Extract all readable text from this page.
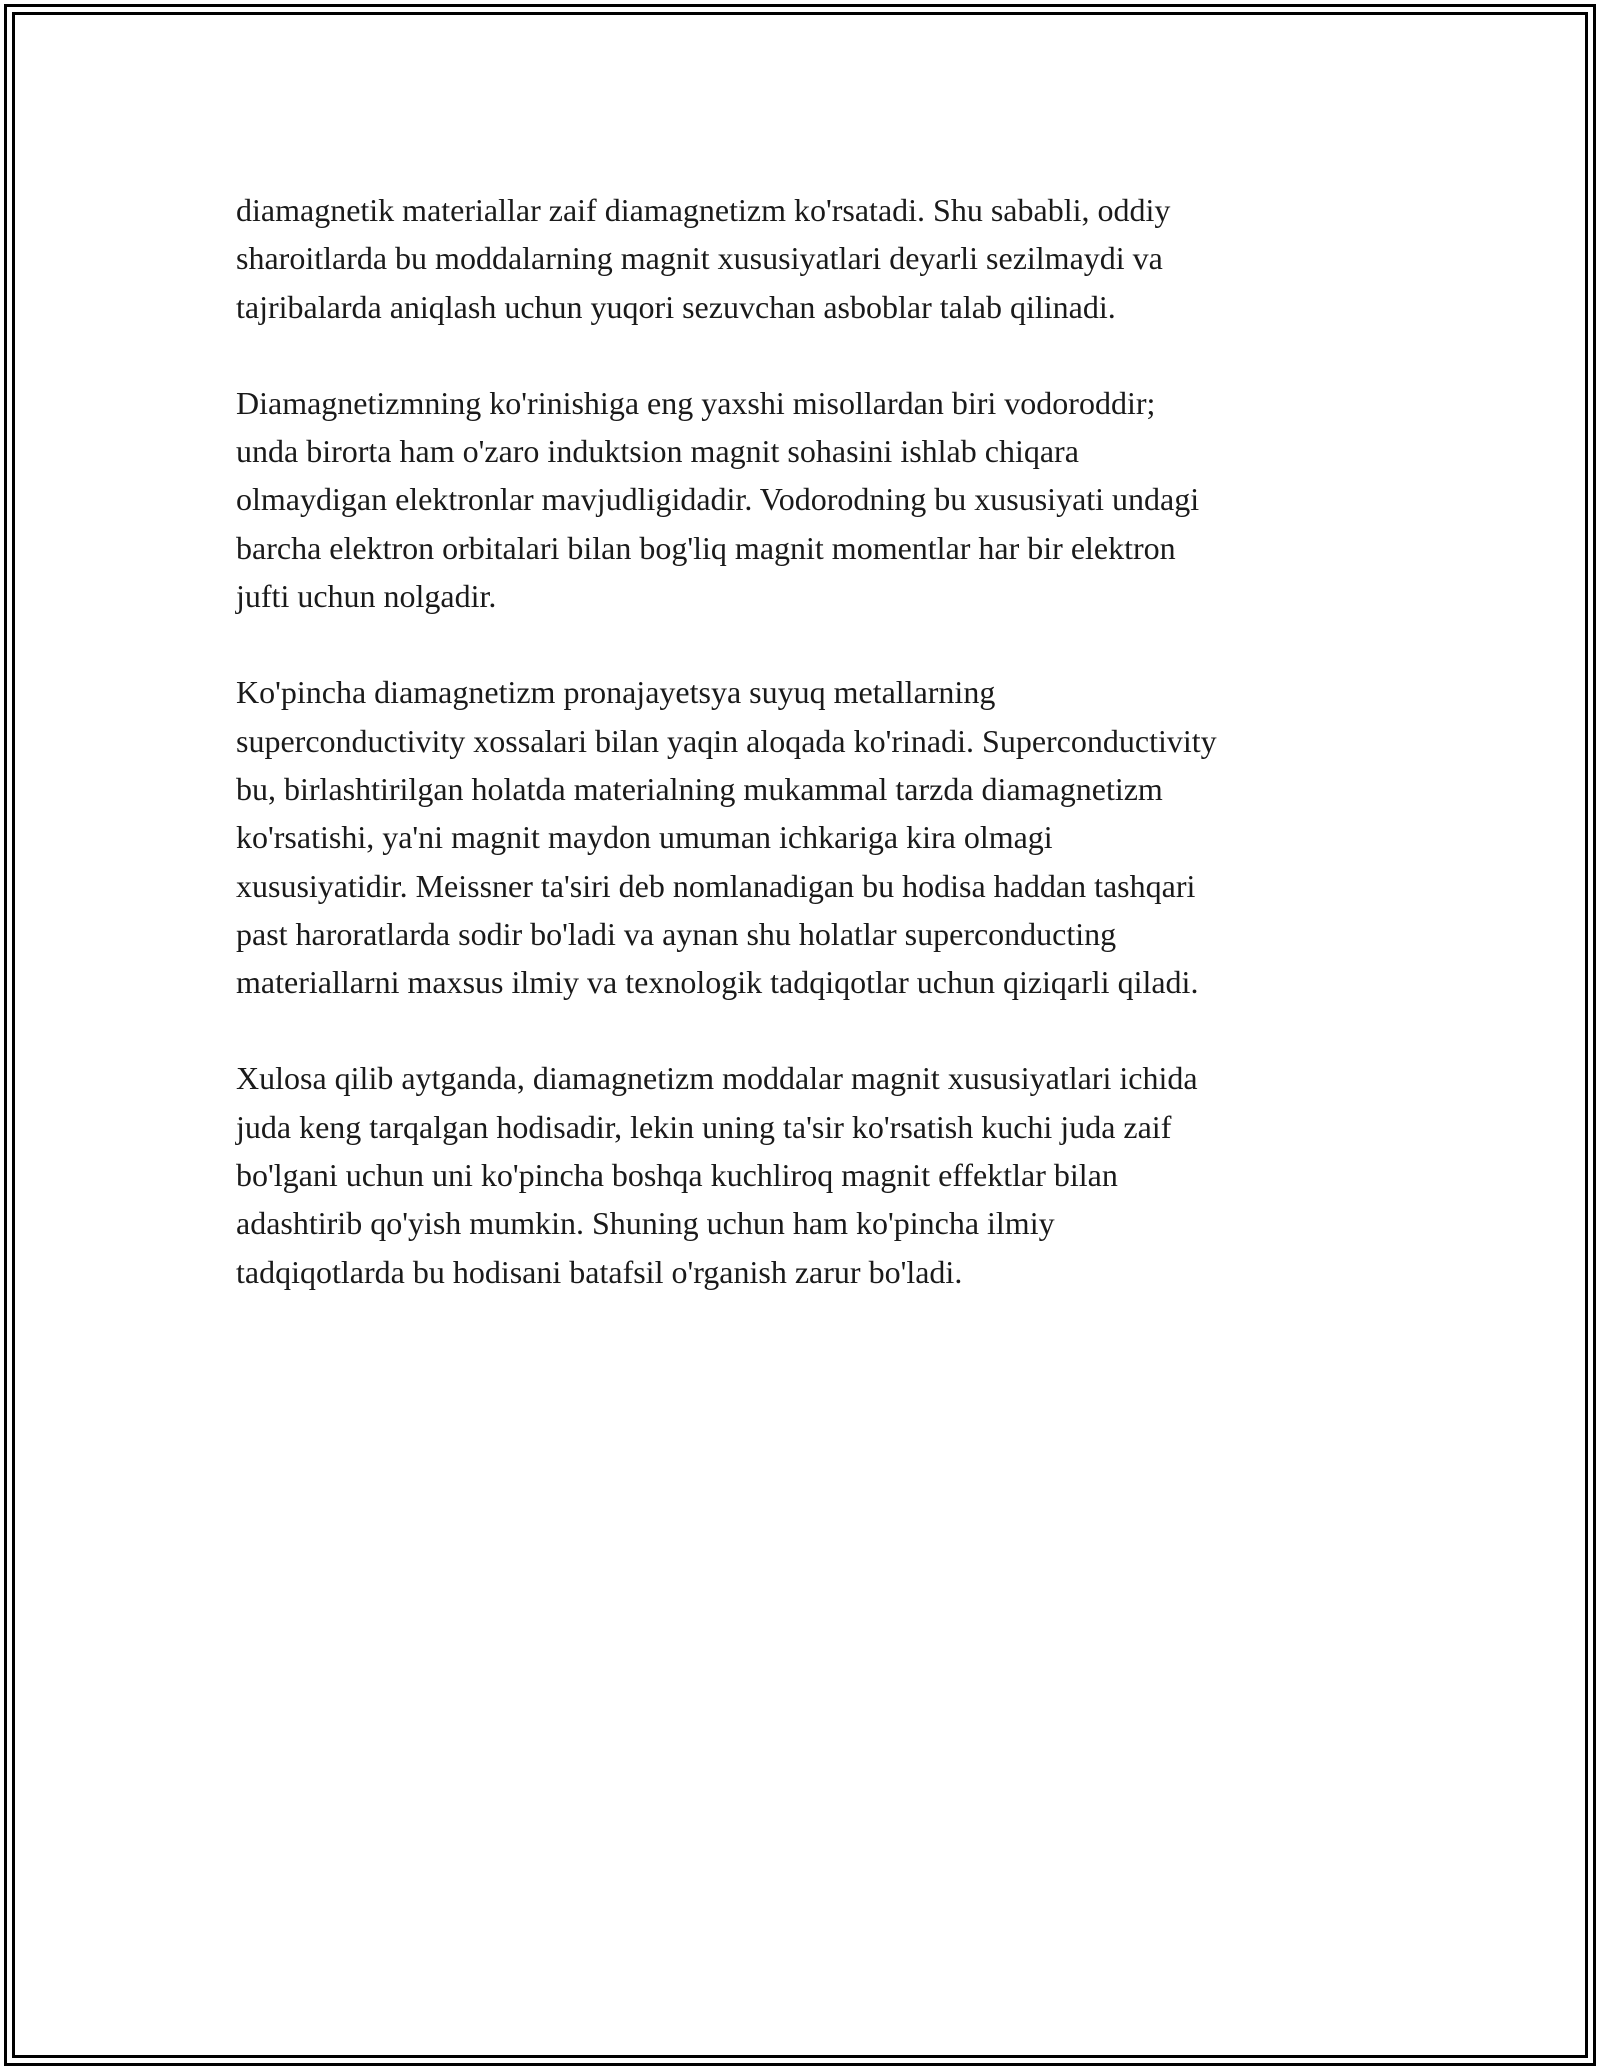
diamagnetik materiallar zaif diamagnetizm ko'rsatadi. Shu sababli, oddiy
sharoitlarda bu moddalarning magnit xususiyatlari deyarli sezilmaydi va
tajribalarda aniqlash uchun yuqori sezuvchan asboblar talab qilinadi.

Diamagnetizmning ko'rinishiga eng yaxshi misollardan biri vodoroddir;
unda birorta ham o'zaro induktsion magnit sohasini ishlab chiqara
olmaydigan elektronlar mavjudligidadir. Vodorodning bu xususiyati undagi
barcha elektron orbitalari bilan bog'liq magnit momentlar har bir elektron
jufti uchun nolgadir.

Ko'pincha diamagnetizm pronajayetsya suyuq metallarning
superconductivity xossalari bilan yaqin aloqada ko'rinadi. Superconductivity
bu, birlashtirilgan holatda materialning mukammal tarzda diamagnetizm
ko'rsatishi, ya'ni magnit maydon umuman ichkariga kira olmagi
xususiyatidir. Meissner ta'siri deb nomlanadigan bu hodisa haddan tashqari
past haroratlarda sodir bo'ladi va aynan shu holatlar superconducting
materiallarni maxsus ilmiy va texnologik tadqiqotlar uchun qiziqarli qiladi.

Xulosa qilib aytganda, diamagnetizm moddalar magnit xususiyatlari ichida
juda keng tarqalgan hodisadir, lekin uning ta'sir ko'rsatish kuchi juda zaif
bo'lgani uchun uni ko'pincha boshqa kuchliroq magnit effektlar bilan
adashtirib qo'yish mumkin. Shuning uchun ham ko'pincha ilmiy
tadqiqotlarda bu hodisani batafsil o'rganish zarur bo'ladi.
